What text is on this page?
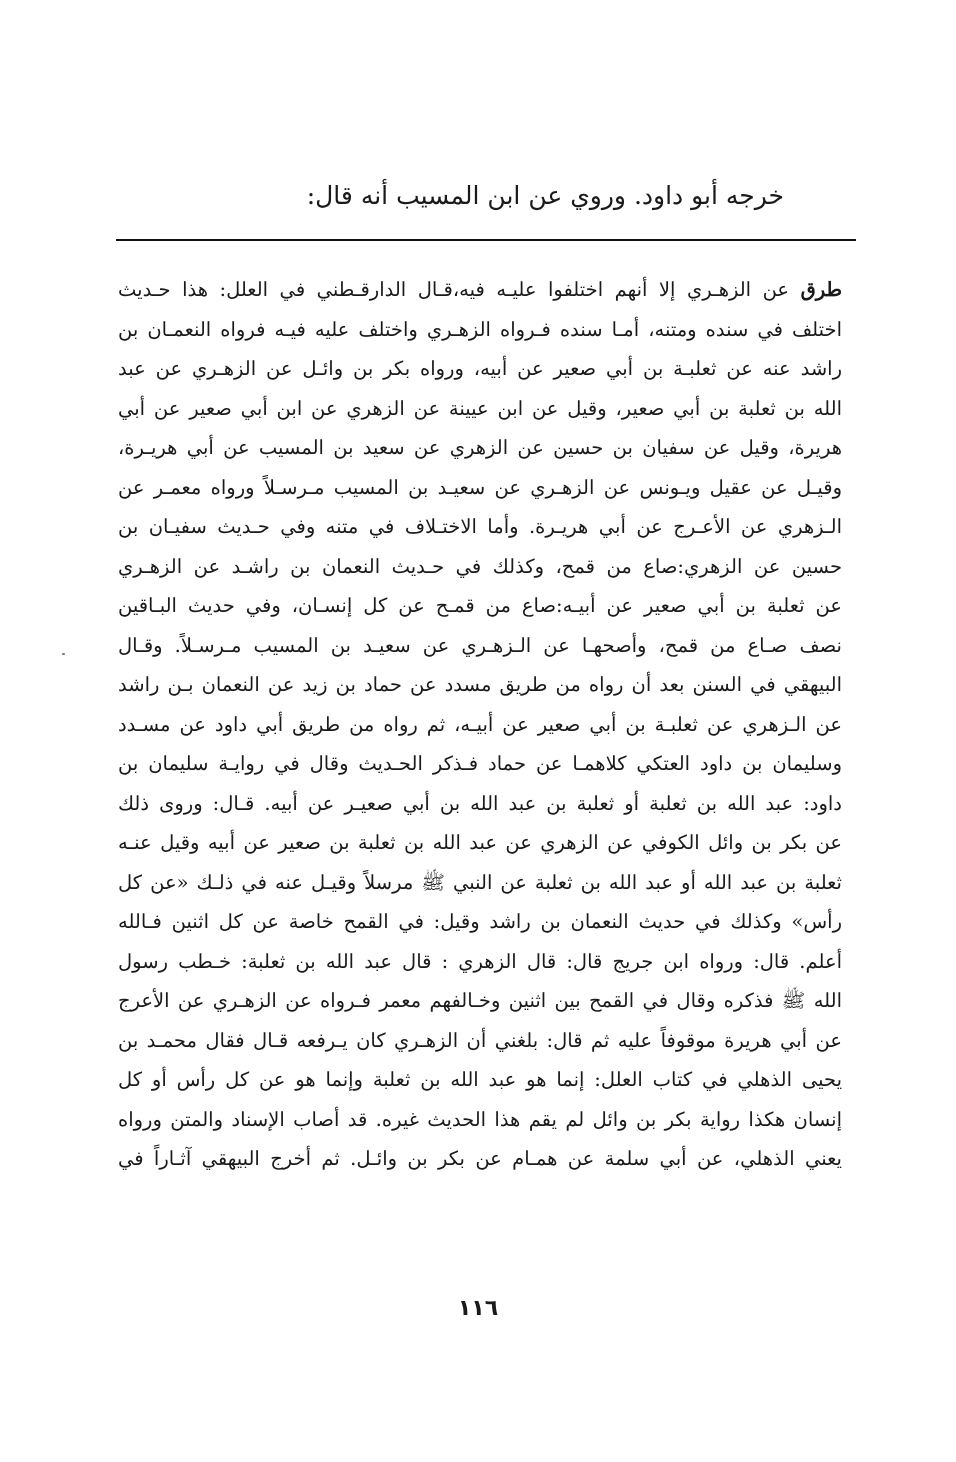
خرجه أبو داود. وروي عن ابن المسيب أنه قال:
طرق عن الزهـري إلا أنهم اختلفوا عليـه فيه،قـال الدارقـطني في العلل: هذا حـديث
اختلف في سنده ومتنه، أمـا سنده فـرواه الزهـري واختلف عليه فيـه فرواه النعمـان بن
راشد عنه عن ثعلبـة بن أبي صعير عن أبيه، ورواه بكر بن وائـل عن الزهـري عن عبد
الله بن ثعلبة بن أبي صعير، وقيل عن ابن عيينة عن الزهري عن ابن أبي صعير عن أبي
هريرة، وقيل عن سفيان بن حسين عن الزهري عن سعيد بن المسيب عن أبي هريـرة،
وقيـل عن عقيل ويـونس عن الزهـري عن سعيـد بن المسيب مـرسـلاً ورواه معمـر عن
الـزهري عن الأعـرج عن أبي هريـرة. وأما الاختـلاف في متنه وفي حـديث سفيـان بن
حسين عن الزهري:صاع من قمح، وكذلك في حـديث النعمان بن راشـد عن الزهـري
عن ثعلبة بن أبي صعير عن أبيـه:صاع من قمـح عن كل إنسـان، وفي حديث البـاقين
نصف صـاع من قمح، وأصحهـا عن الـزهـري عن سعيـد بن المسيب مـرسـلاً. وقـال
البيهقي في السنن بعد أن رواه من طريق مسدد عن حماد بن زيد عن النعمان بـن راشد
عن الـزهري عن ثعلبـة بن أبي صعير عن أبيـه، ثم رواه من طريق أبي داود عن مسـدد
وسليمان بن داود العتكي كلاهمـا عن حماد فـذكر الحـديث وقال في روايـة سليمان بن
داود: عبد الله بن ثعلبة أو ثعلبة بن عبد الله بن أبي صعيـر عن أبيه. قـال: وروى ذلك
عن بكر بن وائل الكوفي عن الزهري عن عبد الله بن ثعلبة بن صعير عن أبيه وقيل عنـه
ثعلبة بن عبد الله أو عبد الله بن ثعلبة عن النبي ﷺ مرسلاً وقيـل عنه في ذلـك «عن كل
رأس» وكذلك في حديث النعمان بن راشد وقيل: في القمح خاصة عن كل اثنين فـالله
أعلم. قال: ورواه ابن جريج قال: قال الزهري : قال عبد الله بن ثعلبة: خـطب رسول
الله ﷺ فذكره وقال في القمح بين اثنين وخـالفهم معمر فـرواه عن الزهـري عن الأعرج
عن أبي هريرة موقوفاً عليه ثم قال: بلغني أن الزهـري كان يـرفعه قـال فقال محمـد بن
يحيى الذهلي في كتاب العلل: إنما هو عبد الله بن ثعلبة وإنما هو عن كل رأس أو كل
إنسان هكذا رواية بكر بن وائل لم يقم هذا الحديث غيره. قد أصاب الإسناد والمتن ورواه
يعني الذهلي، عن أبي سلمة عن همـام عن بكر بن وائـل. ثم أخرج البيهقي آثـاراً في
١١٦
